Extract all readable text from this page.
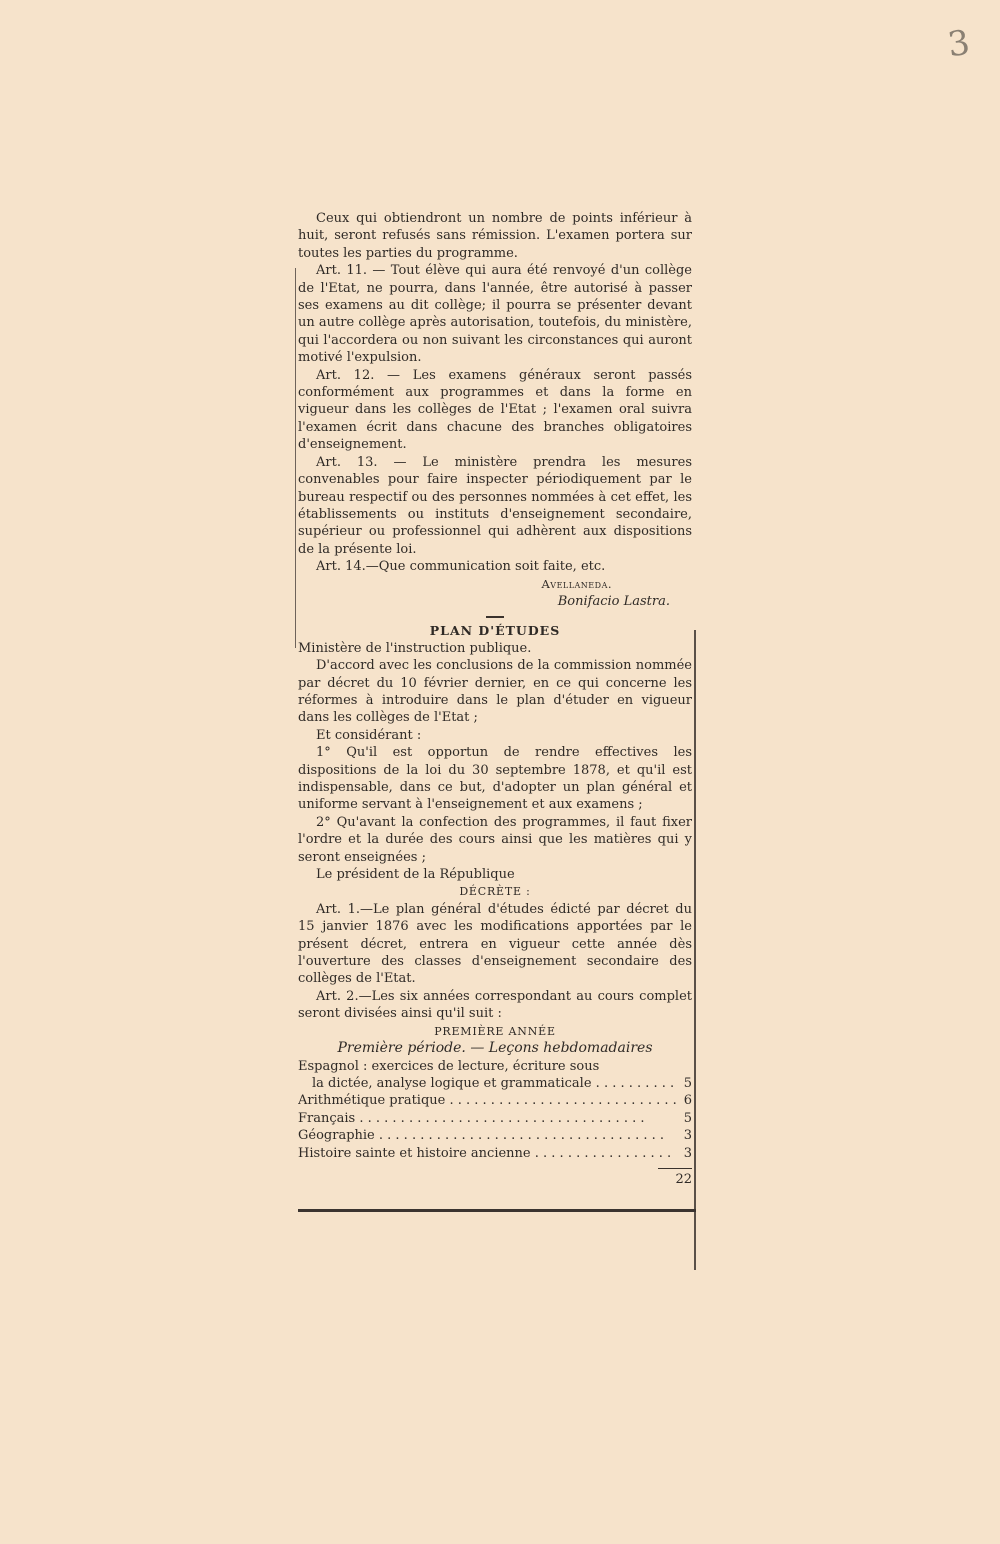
3

Ceux qui obtiendront un nombre de points inférieur à huit, seront refusés sans rémission. L'examen portera sur toutes les parties du programme.

Art. 11. — Tout élève qui aura été renvoyé d'un collège de l'Etat, ne pourra, dans l'année, être autorisé à passer ses examens au dit collège; il pourra se présenter devant un autre collège après autorisation, toutefois, du ministère, qui l'accordera ou non suivant les circonstances qui auront motivé l'expulsion.

Art. 12. — Les examens généraux seront passés conformément aux programmes et dans la forme en vigueur dans les collèges de l'Etat ; l'examen oral suivra l'examen écrit dans chacune des branches obligatoires d'enseignement.

Art. 13. — Le ministère prendra les mesures convenables pour faire inspecter périodiquement par le bureau respectif ou des personnes nommées à cet effet, les établissements ou instituts d'enseignement secondaire, supérieur ou professionnel qui adhèrent aux dispositions de la présente loi.

Art. 14.—Que communication soit faite, etc.

Avellaneda.

Bonifacio Lastra.

PLAN D'ÉTUDES

Ministère de l'instruction publique.

D'accord avec les conclusions de la commission nommée par décret du 10 février dernier, en ce qui concerne les réformes à introduire dans le plan d'étuder en vigueur dans les collèges de l'Etat ;

Et considérant :

1° Qu'il est opportun de rendre effectives les dispositions de la loi du 30 septembre 1878, et qu'il est indispensable, dans ce but, d'adopter un plan général et uniforme servant à l'enseignement et aux examens ;

2° Qu'avant la confection des programmes, il faut fixer l'ordre et la durée des cours ainsi que les matières qui y seront enseignées ;

Le président de la République

DÉCRÈTE :

Art. 1.—Le plan général d'études édicté par décret du 15 janvier 1876 avec les modifications apportées par le présent décret, entrera en vigueur cette année dès l'ouverture des classes d'enseignement secondaire des collèges de l'Etat.

Art. 2.—Les six années correspondant au cours complet seront divisées ainsi qu'il suit :

PREMIÈRE ANNÉE

Première période. — Leçons hebdomadaires

Espagnol : exercices de lecture, écriture sous
la dictée, analyse logique et grammaticale . . .	5
Arithmétique pratique . . .	6
Français . . .	5
Géographie . . .	3
Histoire sainte et histoire ancienne . . .	3
22
